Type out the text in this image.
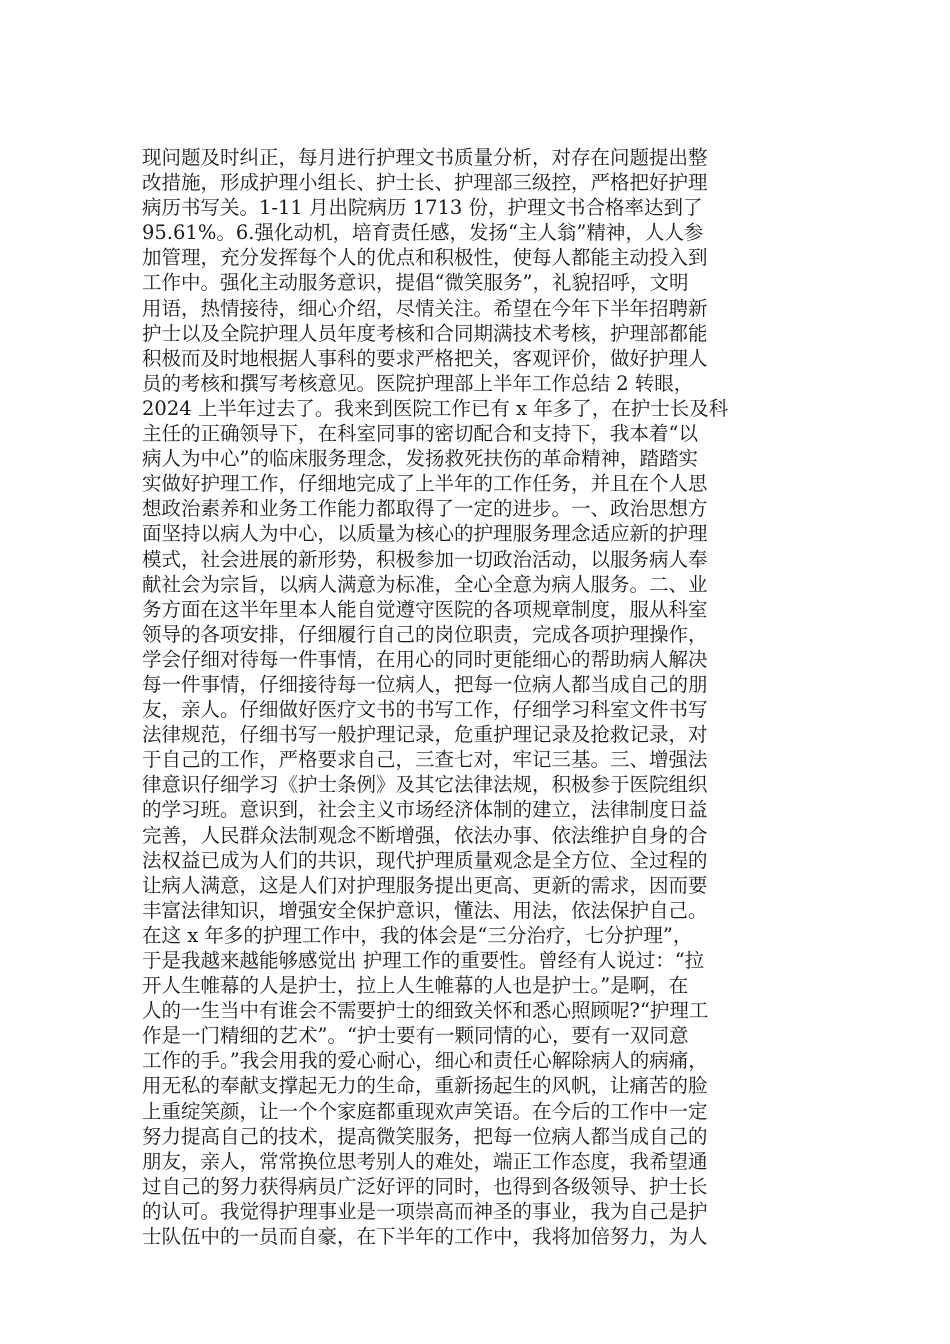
现问题及时纠正，每月进行护理文书质量分析，对存在问题提出整
改措施，形成护理小组长、护士长、护理部三级控，严格把好护理
病历书写关。1-11 月出院病历 1713 份，护理文书合格率达到了
95.61%。6.强化动机，培育责任感，发扬“主人翁”精神，人人参
加管理，充分发挥每个人的优点和积极性，使每人都能主动投入到
工作中。强化主动服务意识，提倡“微笑服务”，礼貌招呼，文明
用语，热情接待，细心介绍，尽情关注。希望在今年下半年招聘新
护士以及全院护理人员年度考核和合同期满技术考核，护理部都能
积极而及时地根据人事科的要求严格把关，客观评价，做好护理人
员的考核和撰写考核意见。医院护理部上半年工作总结 2 转眼，
2024 上半年过去了。我来到医院工作已有 x 年多了，在护士长及科
主任的正确领导下，在科室同事的密切配合和支持下，我本着“以
病人为中心”的临床服务理念，发扬救死扶伤的革命精神，踏踏实
实做好护理工作，仔细地完成了上半年的工作任务，并且在个人思
想政治素养和业务工作能力都取得了一定的进步。一、政治思想方
面坚持以病人为中心，以质量为核心的护理服务理念适应新的护理
模式，社会进展的新形势，积极参加一切政治活动，以服务病人奉
献社会为宗旨，以病人满意为标准，全心全意为病人服务。二、业
务方面在这半年里本人能自觉遵守医院的各项规章制度，服从科室
领导的各项安排，仔细履行自己的岗位职责，完成各项护理操作，
学会仔细对待每一件事情，在用心的同时更能细心的帮助病人解决
每一件事情，仔细接待每一位病人，把每一位病人都当成自己的朋
友，亲人。仔细做好医疗文书的书写工作，仔细学习科室文件书写
法律规范，仔细书写一般护理记录，危重护理记录及抢救记录，对
于自己的工作，严格要求自己，三查七对，牢记三基。三、增强法
律意识仔细学习《护士条例》及其它法律法规，积极参于医院组织
的学习班。意识到，社会主义市场经济体制的建立，法律制度日益
完善，人民群众法制观念不断增强，依法办事、依法维护自身的合
法权益已成为人们的共识，现代护理质量观念是全方位、全过程的
让病人满意，这是人们对护理服务提出更高、更新的需求，因而要
丰富法律知识，增强安全保护意识，懂法、用法，依法保护自己。
在这 x 年多的护理工作中，我的体会是“三分治疗，七分护理”，
于是我越来越能够感觉出 护理工作的重要性。曾经有人说过：“拉
开人生帷幕的人是护士，拉上人生帷幕的人也是护士。”是啊，在
人的一生当中有谁会不需要护士的细致关怀和悉心照顾呢?“护理工
作是一门精细的艺术”。“护士要有一颗同情的心，要有一双同意
工作的手。”我会用我的爱心耐心，细心和责任心解除病人的病痛，
用无私的奉献支撑起无力的生命，重新扬起生的风帆，让痛苦的脸
上重绽笑颜，让一个个家庭都重现欢声笑语。在今后的工作中一定
努力提高自己的技术，提高微笑服务，把每一位病人都当成自己的
朋友，亲人，常常换位思考别人的难处，端正工作态度，我希望通
过自己的努力获得病员广泛好评的同时，也得到各级领导、护士长
的认可。我觉得护理事业是一项崇高而神圣的事业，我为自己是护
士队伍中的一员而自豪，在下半年的工作中，我将加倍努力，为人
